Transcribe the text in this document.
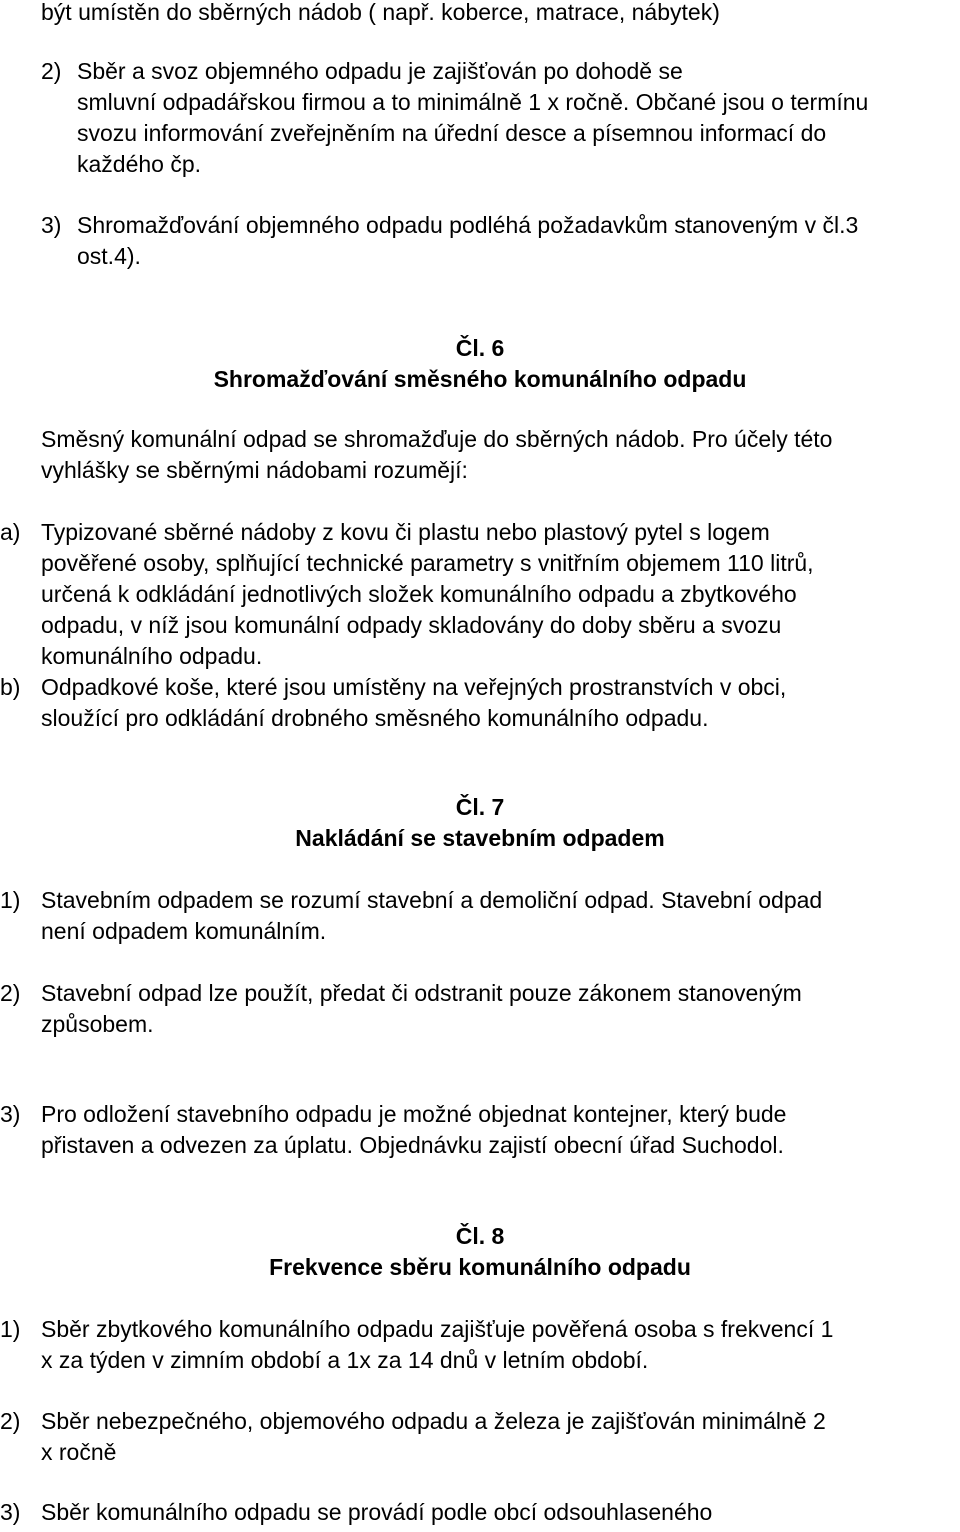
být umístěn do sběrných nádob ( např. koberce, matrace, nábytek)
2) Sběr a svoz objemného odpadu je zajišťován po dohodě se
smluvní odpadářskou firmou a to minimálně 1 x ročně. Občané jsou o termínu
svozu informování zveřejněním na úřední desce a písemnou informací do
každého čp.
3) Shromažďování objemného odpadu podléhá požadavkům stanoveným v čl.3
ost.4).
Čl. 6
Shromažďování směsného komunálního odpadu
Směsný komunální odpad se shromažďuje do sběrných nádob. Pro účely této
vyhlášky se sběrnými nádobami rozumějí:
a) Typizované sběrné nádoby z kovu či plastu nebo plastový pytel s logem
pověřené osoby, splňující technické parametry s vnitřním objemem 110 litrů,
určená k odkládání jednotlivých složek komunálního odpadu a zbytkového
odpadu, v níž jsou komunální odpady skladovány do doby sběru a svozu
komunálního odpadu.
b) Odpadkové koše, které jsou umístěny na veřejných prostranstvích v obci,
sloužící pro odkládání drobného směsného komunálního odpadu.
Čl. 7
Nakládání se stavebním odpadem
1) Stavebním odpadem se rozumí stavební a demoliční odpad. Stavební odpad
není odpadem komunálním.
2) Stavební odpad lze použít, předat či odstranit pouze zákonem stanoveným
způsobem.
3) Pro odložení stavebního odpadu je možné objednat kontejner, který bude
přistaven a odvezen za úplatu. Objednávku zajistí obecní úřad Suchodol.
Čl. 8
Frekvence sběru komunálního odpadu
1) Sběr zbytkového komunálního odpadu zajišťuje pověřená osoba s frekvencí 1
x za týden v zimním období a 1x za 14 dnů v letním období.
2) Sběr nebezpečného, objemového odpadu a železa je zajišťován minimálně 2
x ročně
3) Sběr komunálního odpadu se provádí podle obcí odsouhlaseného
